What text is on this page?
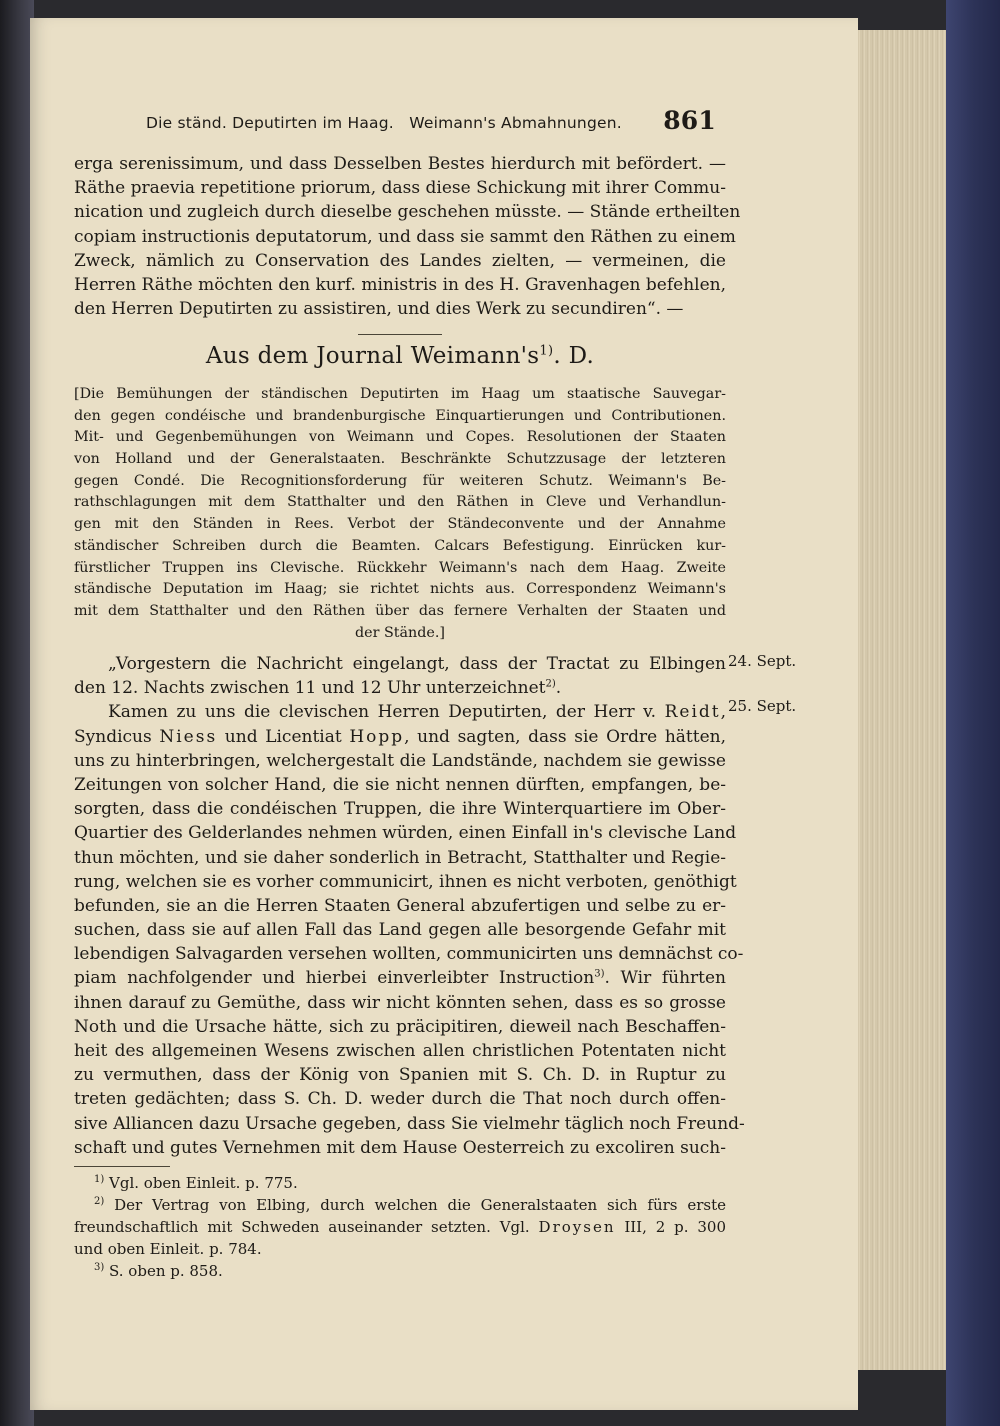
Die ständ. Deputirten im Haag.   Weimann's Abmahnungen. 861
erga serenissimum, und dass Desselben Bestes hierdurch mit befördert. —
Räthe praevia repetitione priorum, dass diese Schickung mit ihrer Commu-
nication und zugleich durch dieselbe geschehen müsste. — Stände ertheilten
copiam instructionis deputatorum, und dass sie sammt den Räthen zu einem
Zweck, nämlich zu Conservation des Landes zielten, — vermeinen, die
Herren Räthe möchten den kurf. ministris in des H. Gravenhagen befehlen,
den Herren Deputirten zu assistiren, und dies Werk zu secundiren“. —
Aus dem Journal $Weimann's^{1)}$. D.
[Die Bemühungen der ständischen Deputirten im Haag um staatische Sauvegar-
den gegen condéische und brandenburgische Einquartierungen und Contributionen.
Mit- und Gegenbemühungen von Weimann und Copes. Resolutionen der Staaten
von Holland und der Generalstaaten. Beschränkte Schutzzusage der letzteren
gegen Condé. Die Recognitionsforderung für weiteren Schutz. Weimann's Be-
rathschlagungen mit dem Statthalter und den Räthen in Cleve und Verhandlun-
gen mit den Ständen in Rees. Verbot der Ständeconvente und der Annahme
ständischer Schreiben durch die Beamten. Calcars Befestigung. Einrücken kur-
fürstlicher Truppen ins Clevische. Rückkehr Weimann's nach dem Haag. Zweite
ständische Deputation im Haag; sie richtet nichts aus. Correspondenz Weimann's
mit dem Statthalter und den Räthen über das fernere Verhalten der Staaten und
der Stände.]
24. Sept.
25. Sept.
„Vorgestern die Nachricht eingelangt, dass der Tractat zu Elbingen
den 12. Nachts zwischen 11 und 12 Uhr unterzeichnet$^{2)}$.
Kamen zu uns die clevischen Herren Deputirten, der Herr v. Reidt,
Syndicus Niess und Licentiat Hopp, und sagten, dass sie Ordre hätten,
uns zu hinterbringen, welchergestalt die Landstände, nachdem sie gewisse
Zeitungen von solcher Hand, die sie nicht nennen dürften, empfangen, be-
sorgten, dass die condéischen Truppen, die ihre Winterquartiere im Ober-
Quartier des Gelderlandes nehmen würden, einen Einfall in's clevische Land
thun möchten, und sie daher sonderlich in Betracht, Statthalter und Regie-
rung, welchen sie es vorher communicirt, ihnen es nicht verboten, genöthigt
befunden, sie an die Herren Staaten General abzufertigen und selbe zu er-
suchen, dass sie auf allen Fall das Land gegen alle besorgende Gefahr mit
lebendigen Salvagarden versehen wollten, communicirten uns demnächst co-
piam nachfolgender und hierbei einverleibter Instruction$^{3)}$. Wir führten
ihnen darauf zu Gemüthe, dass wir nicht könnten sehen, dass es so grosse
Noth und die Ursache hätte, sich zu präcipitiren, dieweil nach Beschaffen-
heit des allgemeinen Wesens zwischen allen christlichen Potentaten nicht
zu vermuthen, dass der König von Spanien mit S. Ch. D. in Ruptur zu
treten gedächten; dass S. Ch. D. weder durch die That noch durch offen-
sive Alliancen dazu Ursache gegeben, dass Sie vielmehr täglich noch Freund-
schaft und gutes Vernehmen mit dem Hause Oesterreich zu excoliren such-
$^{1)}$ Vgl. oben Einleit. p. 775.
$^{2)}$ Der Vertrag von Elbing, durch welchen die Generalstaaten sich fürs erste
freundschaftlich mit Schweden auseinander setzten. Vgl. Droysen III, 2 p. 300
und oben Einleit. p. 784.
$^{3)}$ S. oben p. 858.
